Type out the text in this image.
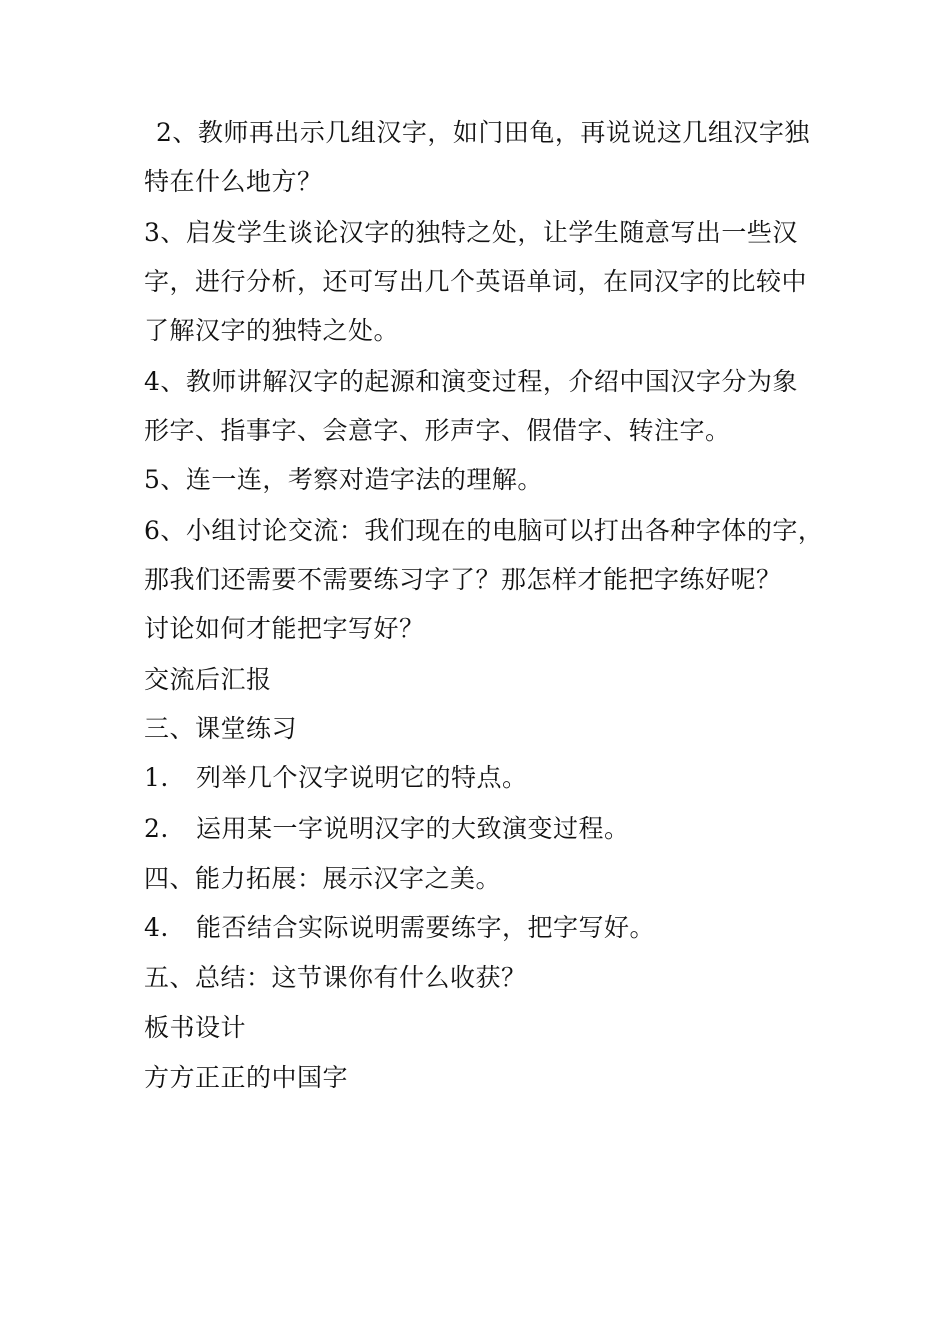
2、教师再出示几组汉字，如门田龟，再说说这几组汉字独
特在什么地方？
3、启发学生谈论汉字的独特之处，让学生随意写出一些汉
字，进行分析，还可写出几个英语单词，在同汉字的比较中
了解汉字的独特之处。
4、教师讲解汉字的起源和演变过程，介绍中国汉字分为象
形字、指事字、会意字、形声字、假借字、转注字。
5、连一连，考察对造字法的理解。
6、小组讨论交流：我们现在的电脑可以打出各种字体的字，
那我们还需要不需要练习字了？那怎样才能把字练好呢？
讨论如何才能把字写好？
交流后汇报
三、课堂练习
1. 列举几个汉字说明它的特点。
2. 运用某一字说明汉字的大致演变过程。
四、能力拓展：展示汉字之美。
4. 能否结合实际说明需要练字，把字写好。
五、总结：这节课你有什么收获？
板书设计
方方正正的中国字
